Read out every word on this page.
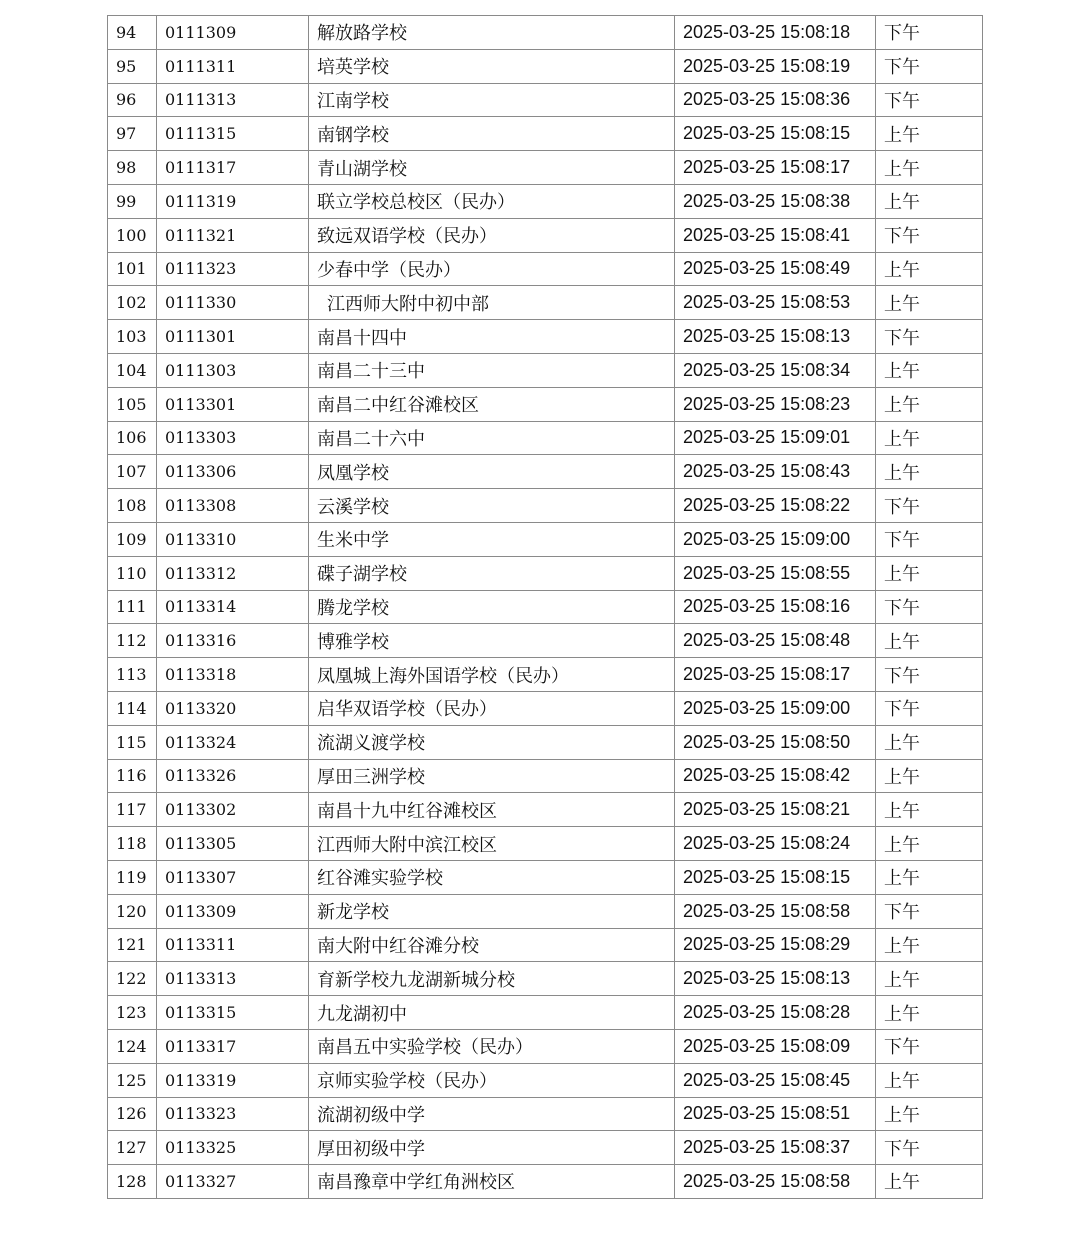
94	0111309	解放路学校	2025-03-25 15:08:18	下午
95	0111311	培英学校	2025-03-25 15:08:19	下午
96	0111313	江南学校	2025-03-25 15:08:36	下午
97	0111315	南钢学校	2025-03-25 15:08:15	上午
98	0111317	青山湖学校	2025-03-25 15:08:17	上午
99	0111319	联立学校总校区（民办）	2025-03-25 15:08:38	上午
100	0111321	致远双语学校（民办）	2025-03-25 15:08:41	下午
101	0111323	少春中学（民办）	2025-03-25 15:08:49	上午
102	0111330	江西师大附中初中部	2025-03-25 15:08:53	上午
103	0111301	南昌十四中	2025-03-25 15:08:13	下午
104	0111303	南昌二十三中	2025-03-25 15:08:34	上午
105	0113301	南昌二中红谷滩校区	2025-03-25 15:08:23	上午
106	0113303	南昌二十六中	2025-03-25 15:09:01	上午
107	0113306	凤凰学校	2025-03-25 15:08:43	上午
108	0113308	云溪学校	2025-03-25 15:08:22	下午
109	0113310	生米中学	2025-03-25 15:09:00	下午
110	0113312	碟子湖学校	2025-03-25 15:08:55	上午
111	0113314	腾龙学校	2025-03-25 15:08:16	下午
112	0113316	博雅学校	2025-03-25 15:08:48	上午
113	0113318	凤凰城上海外国语学校（民办）	2025-03-25 15:08:17	下午
114	0113320	启华双语学校（民办）	2025-03-25 15:09:00	下午
115	0113324	流湖义渡学校	2025-03-25 15:08:50	上午
116	0113326	厚田三洲学校	2025-03-25 15:08:42	上午
117	0113302	南昌十九中红谷滩校区	2025-03-25 15:08:21	上午
118	0113305	江西师大附中滨江校区	2025-03-25 15:08:24	上午
119	0113307	红谷滩实验学校	2025-03-25 15:08:15	上午
120	0113309	新龙学校	2025-03-25 15:08:58	下午
121	0113311	南大附中红谷滩分校	2025-03-25 15:08:29	上午
122	0113313	育新学校九龙湖新城分校	2025-03-25 15:08:13	上午
123	0113315	九龙湖初中	2025-03-25 15:08:28	上午
124	0113317	南昌五中实验学校（民办）	2025-03-25 15:08:09	下午
125	0113319	京师实验学校（民办）	2025-03-25 15:08:45	上午
126	0113323	流湖初级中学	2025-03-25 15:08:51	上午
127	0113325	厚田初级中学	2025-03-25 15:08:37	下午
128	0113327	南昌豫章中学红角洲校区	2025-03-25 15:08:58	上午
